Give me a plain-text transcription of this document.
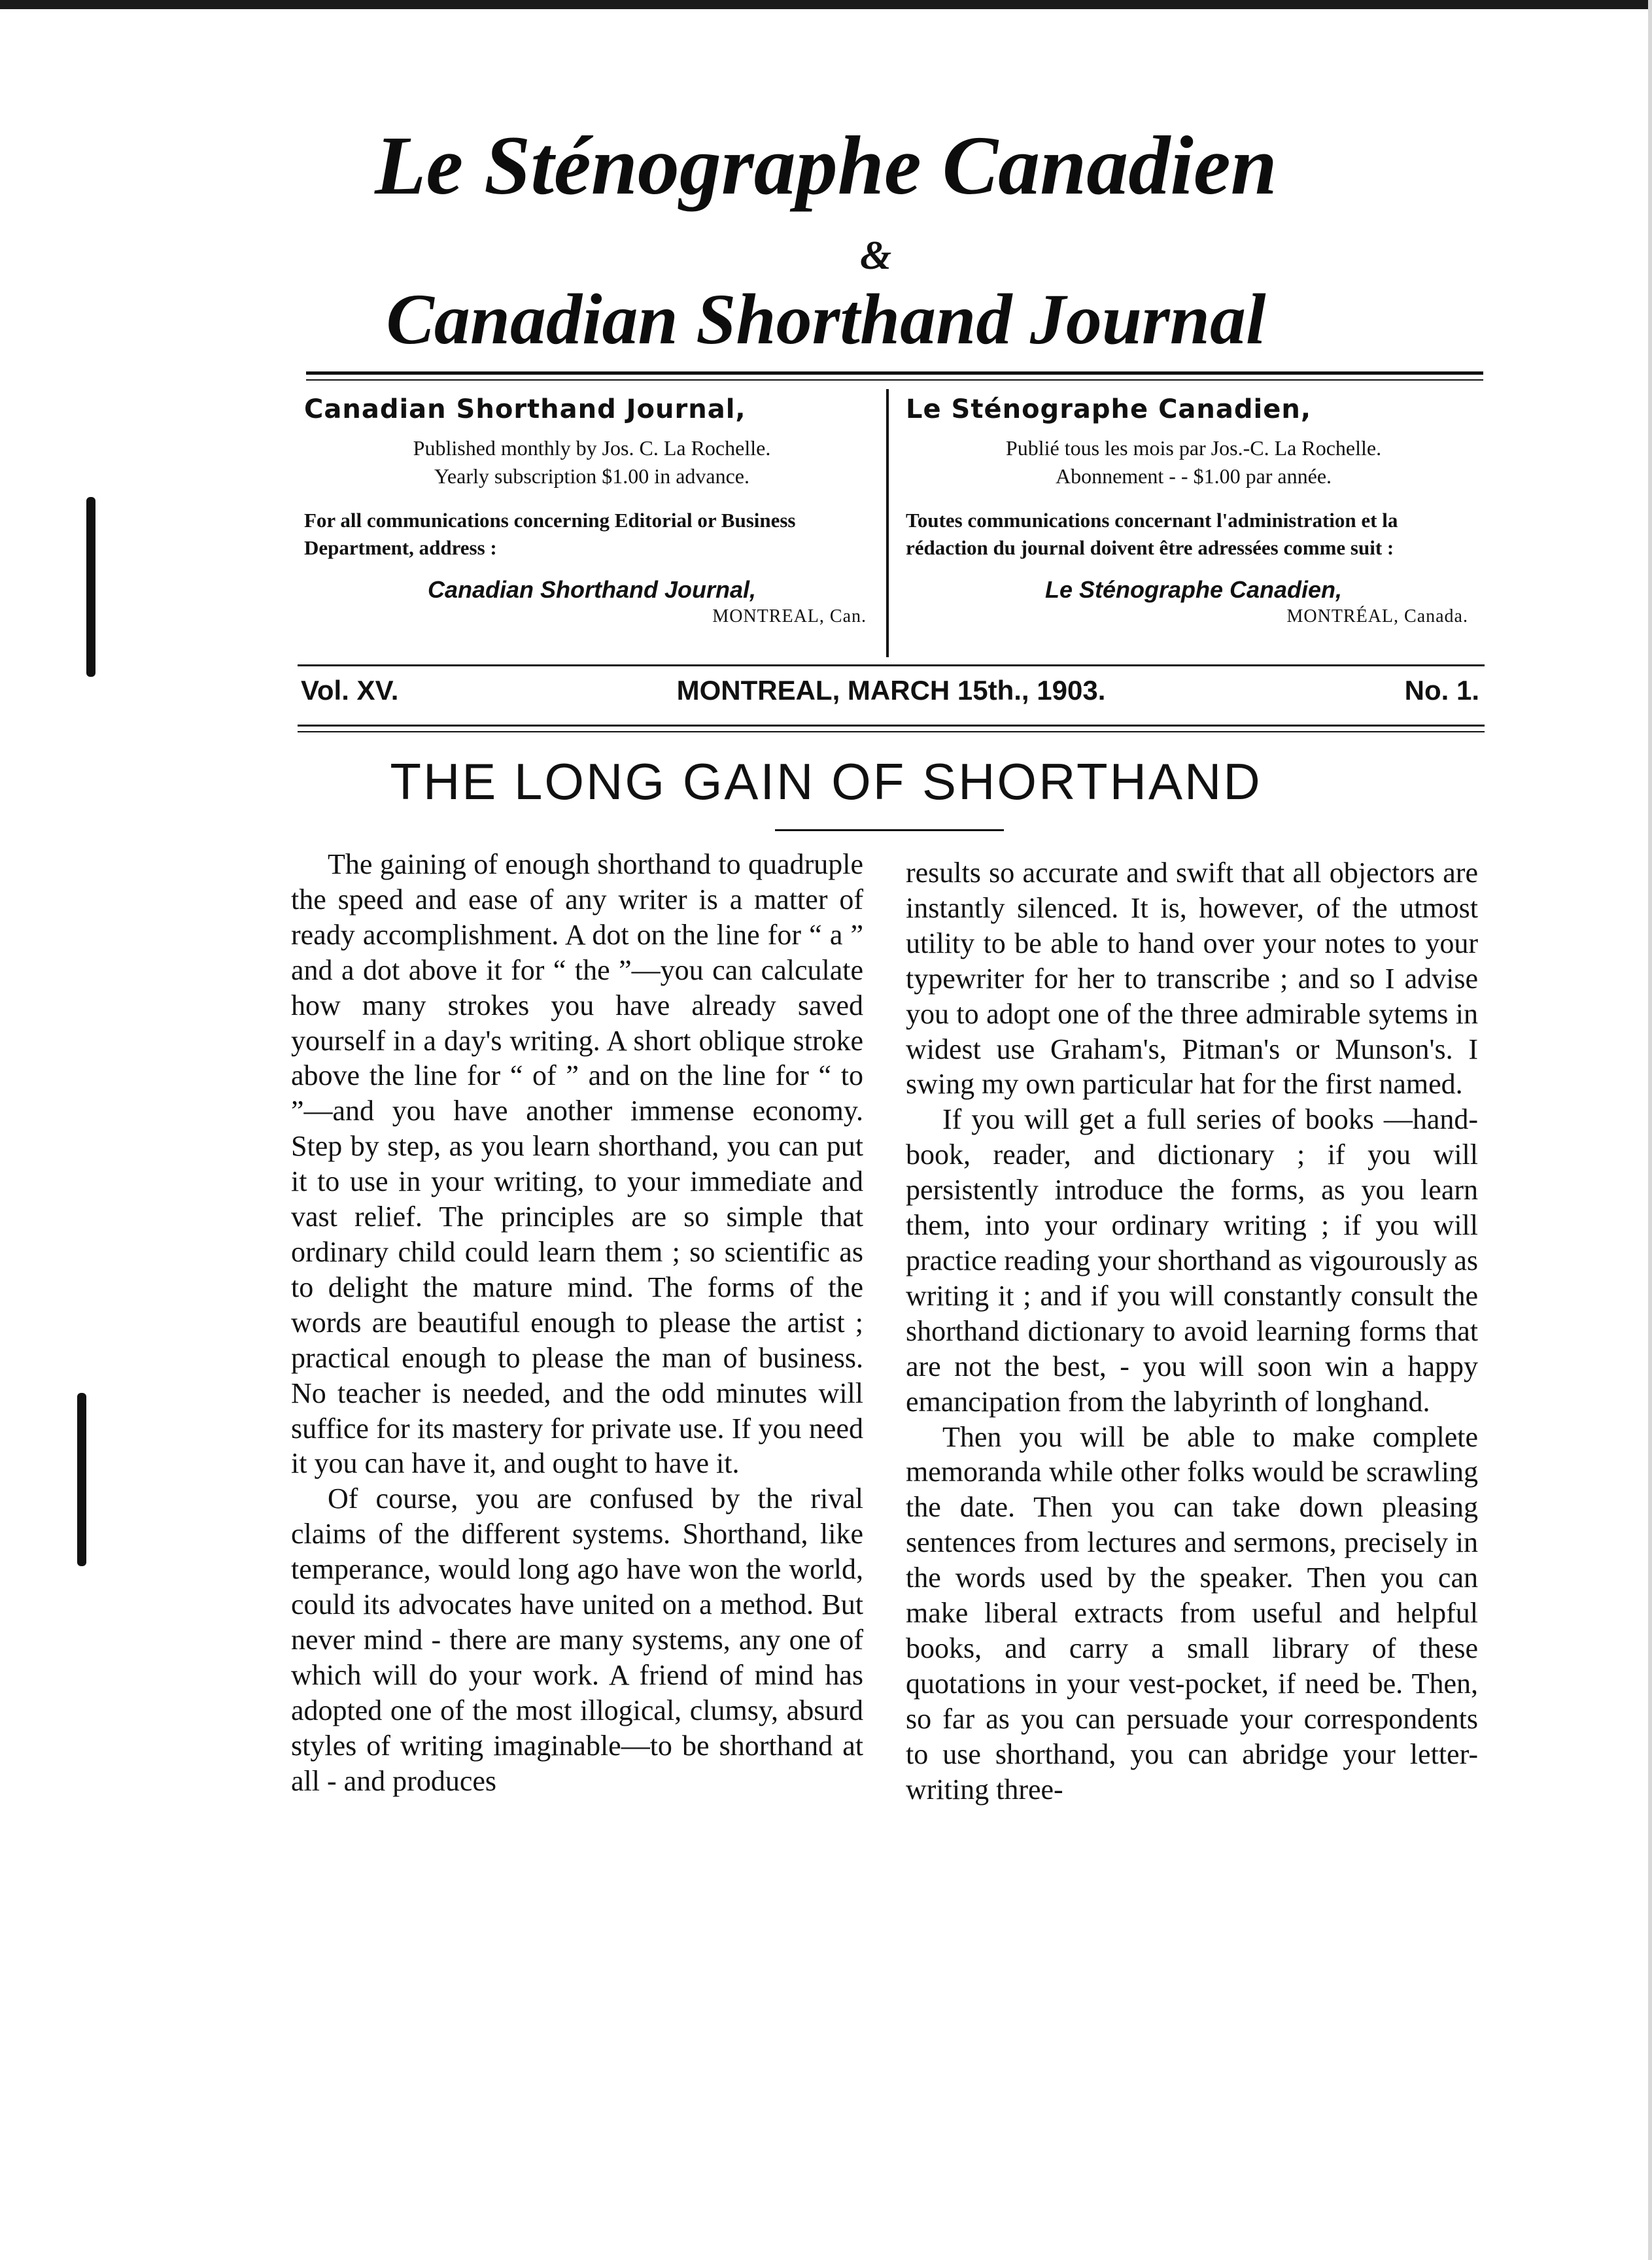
Le Sténographe Canadien
&
Canadian Shorthand Journal
Canadian Shorthand Journal,
Published monthly by Jos. C. La Rochelle.
Yearly subscription $1.00 in advance.
For all communications concerning Editorial or Business Department, address :
Canadian Shorthand Journal,
MONTREAL, Can.
Le Sténographe Canadien,
Publié tous les mois par Jos.-C. La Rochelle.
Abonnement - - $1.00 par année.
Toutes communications concernant l'administration et la rédaction du journal doivent être adressées comme suit :
Le Sténographe Canadien,
MONTRÉAL, Canada.
Vol. XV.	MONTREAL, MARCH 15th., 1903.	No. 1.
THE LONG GAIN OF SHORTHAND

The gaining of enough shorthand to quadruple the speed and ease of any writer is a matter of ready accomplishment. A dot on the line for “ a ” and a dot above it for “ the ”—you can calculate how many strokes you have already saved yourself in a day's writing. A short oblique stroke above the line for “ of ” and on the line for “ to ”—and you have another immense economy. Step by step, as you learn shorthand, you can put it to use in your writing, to your immediate and vast relief. The principles are so simple that ordinary child could learn them ; so scientific as to delight the mature mind. The forms of the words are beautiful enough to please the artist ; practical enough to please the man of business. No teacher is needed, and the odd minutes will suffice for its mastery for private use. If you need it you can have it, and ought to have it.

Of course, you are confused by the rival claims of the different systems. Shorthand, like temperance, would long ago have won the world, could its advocates have united on a method. But never mind - there are many systems, any one of which will do your work. A friend of mind has adopted one of the most illogical, clumsy, absurd styles of writing imaginable—to be shorthand at all - and produces

results so accurate and swift that all objectors are instantly silenced. It is, however, of the utmost utility to be able to hand over your notes to your typewriter for her to transcribe ; and so I advise you to adopt one of the three admirable sytems in widest use Graham's, Pitman's or Munson's. I swing my own particular hat for the first named.

If you will get a full series of books —hand-book, reader, and dictionary ; if you will persistently introduce the forms, as you learn them, into your ordinary writing ; if you will practice reading your shorthand as vigourously as writing it ; and if you will constantly consult the shorthand dictionary to avoid learning forms that are not the best, - you will soon win a happy emancipation from the labyrinth of longhand.

Then you will be able to make complete memoranda while other folks would be scrawling the date. Then you can take down pleasing sentences from lectures and sermons, precisely in the words used by the speaker. Then you can make liberal extracts from useful and helpful books, and carry a small library of these quotations in your vest-pocket, if need be. Then, so far as you can persuade your correspondents to use shorthand, you can abridge your letter-writing three-
